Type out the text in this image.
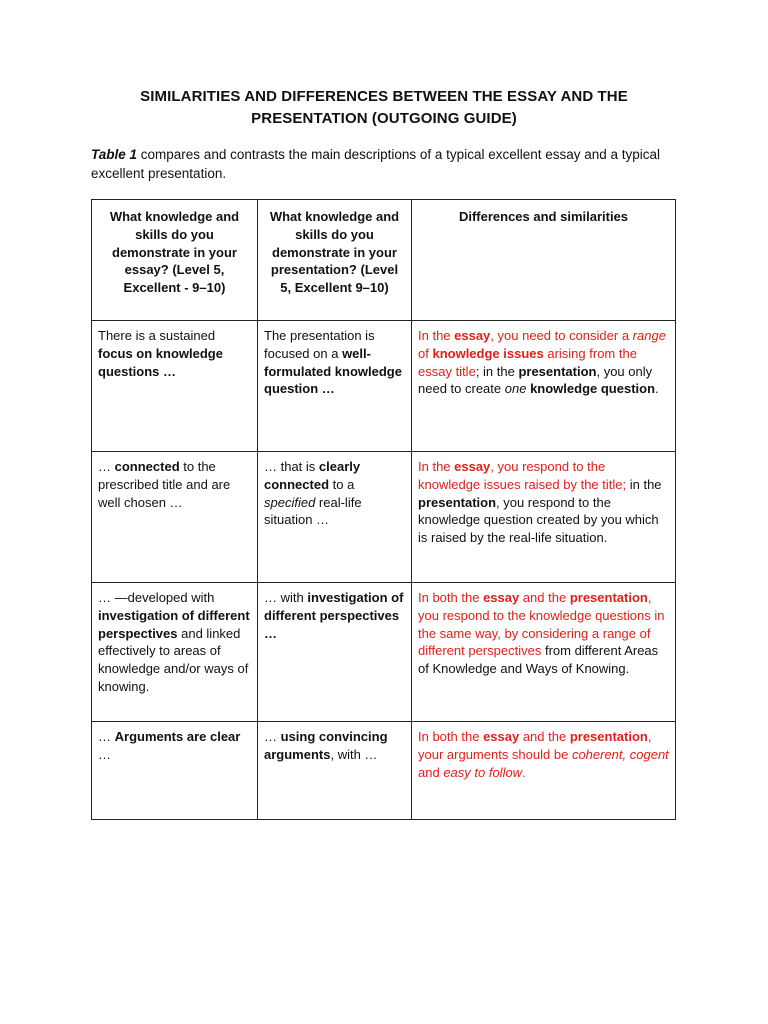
SIMILARITIES AND DIFFERENCES BETWEEN THE ESSAY AND THE
PRESENTATION (OUTGOING GUIDE)

Table 1 compares and contrasts the main descriptions of a typical excellent essay and a typical excellent presentation.

What knowledge and skills do you demonstrate in your essay? (Level 5, Excellent - 9–10)	What knowledge and skills do you demonstrate in your presentation? (Level 5, Excellent 9–10)	Differences and similarities
There is a sustained focus on knowledge questions …	The presentation is focused on a well-formulated knowledge question …	In the essay, you need to consider a range of knowledge issues arising from the essay title; in the presentation, you only need to create one knowledge question.
… connected to the prescribed title and are well chosen …	… that is clearly connected to a specified real-life situation …	In the essay, you respond to the knowledge issues raised by the title; in the presentation, you respond to the knowledge question created by you which is raised by the real-life situation.
… —developed with investigation of different perspectives and linked effectively to areas of knowledge and/or ways of knowing.	… with investigation of different perspectives …	In both the essay and the presentation, you respond to the knowledge questions in the same way, by considering a range of different perspectives from different Areas of Knowledge and Ways of Knowing.
… Arguments are clear …	… using convincing arguments, with …	In both the essay and the presentation, your arguments should be coherent, cogent and easy to follow.
